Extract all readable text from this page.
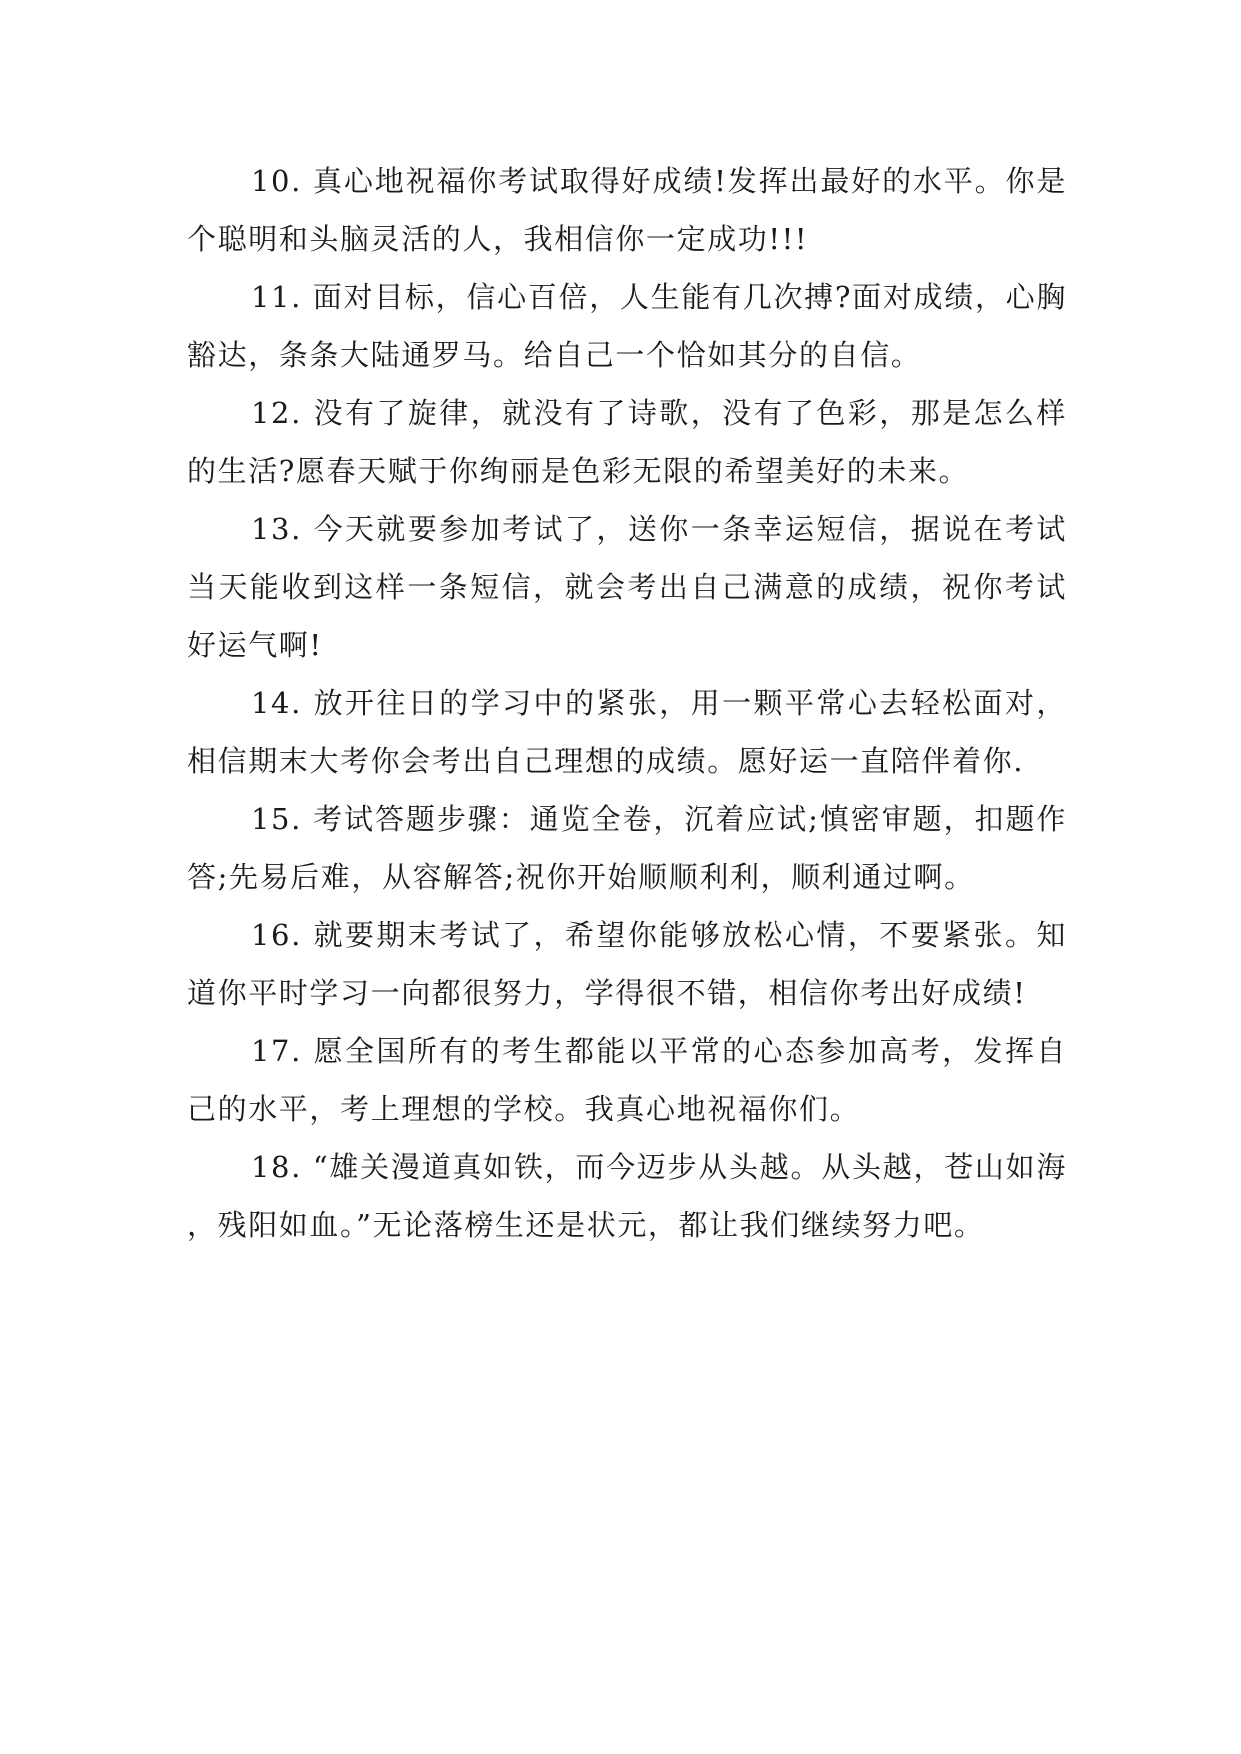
10. 真心地祝福你考试取得好成绩!发挥出最好的水平。你是个聪明和头脑灵活的人，我相信你一定成功!!!

11. 面对目标，信心百倍，人生能有几次搏?面对成绩，心胸豁达，条条大陆通罗马。给自己一个恰如其分的自信。

12. 没有了旋律，就没有了诗歌，没有了色彩，那是怎么样的生活?愿春天赋于你绚丽是色彩无限的希望美好的未来。

13. 今天就要参加考试了，送你一条幸运短信，据说在考试当天能收到这样一条短信，就会考出自己满意的成绩，祝你考试好运气啊!

14. 放开往日的学习中的紧张，用一颗平常心去轻松面对，相信期末大考你会考出自己理想的成绩。愿好运一直陪伴着你.

15. 考试答题步骤：通览全卷，沉着应试;慎密审题，扣题作答;先易后难，从容解答;祝你开始顺顺利利，顺利通过啊。

16. 就要期末考试了，希望你能够放松心情，不要紧张。知道你平时学习一向都很努力，学得很不错，相信你考出好成绩!

17. 愿全国所有的考生都能以平常的心态参加高考，发挥自己的水平，考上理想的学校。我真心地祝福你们。

18. “雄关漫道真如铁，而今迈步从头越。从头越，苍山如海，残阳如血。”无论落榜生还是状元，都让我们继续努力吧。
